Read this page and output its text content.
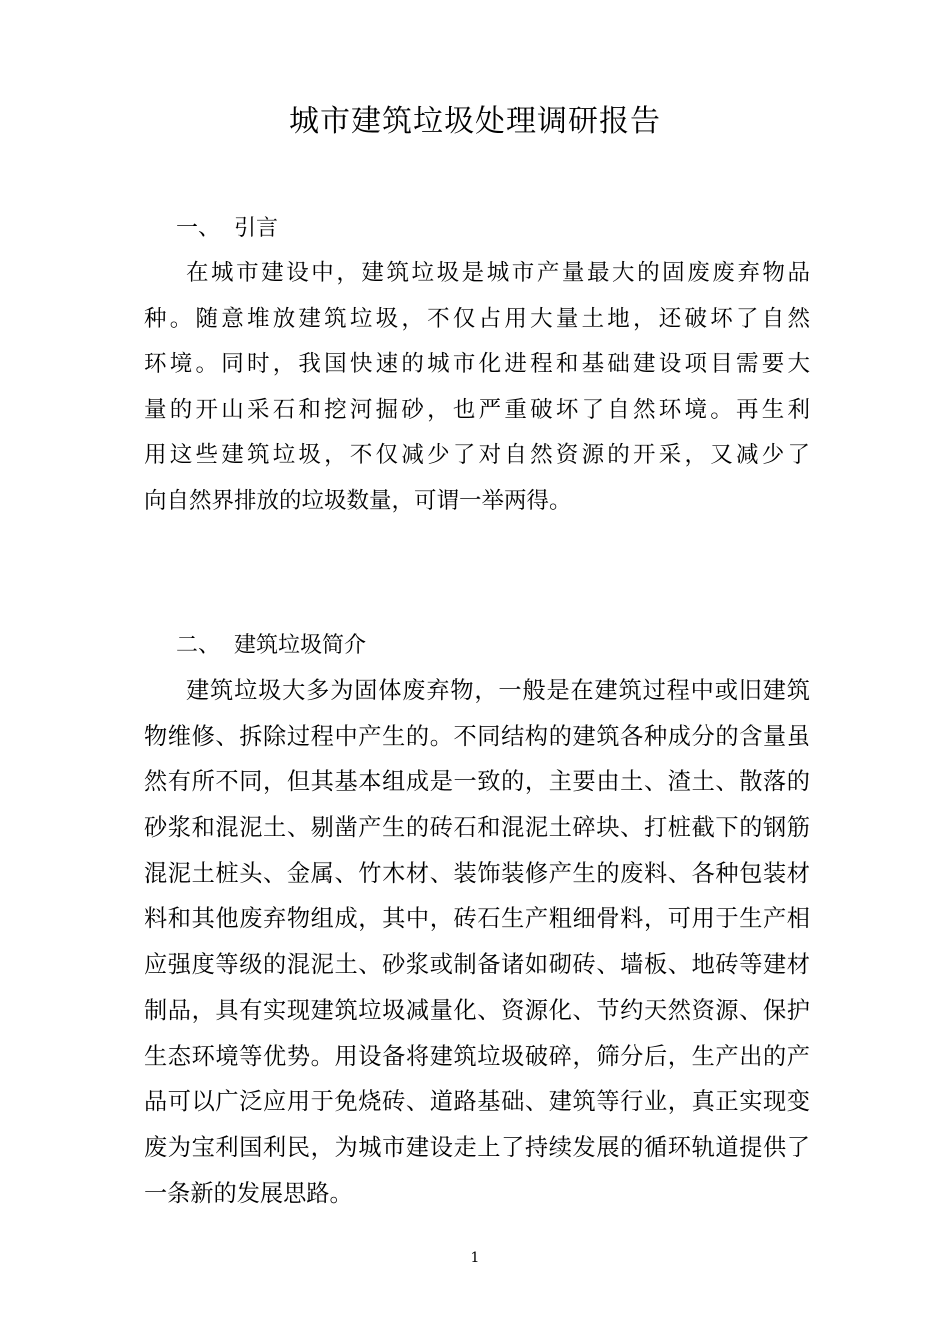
城市建筑垃圾处理调研报告
一、 引言
在城市建设中，建筑垃圾是城市产量最大的固废废弃物品
种。随意堆放建筑垃圾，不仅占用大量土地，还破坏了自然
环境。同时，我国快速的城市化进程和基础建设项目需要大
量的开山采石和挖河掘砂，也严重破坏了自然环境。再生利
用这些建筑垃圾，不仅减少了对自然资源的开采，又减少了
向自然界排放的垃圾数量，可谓一举两得。
二、 建筑垃圾简介
建筑垃圾大多为固体废弃物，一般是在建筑过程中或旧建筑
物维修、拆除过程中产生的。不同结构的建筑各种成分的含量虽
然有所不同，但其基本组成是一致的，主要由土、渣土、散落的
砂浆和混泥土、剔凿产生的砖石和混泥土碎块、打桩截下的钢筋
混泥土桩头、金属、竹木材、装饰装修产生的废料、各种包装材
料和其他废弃物组成，其中，砖石生产粗细骨料，可用于生产相
应强度等级的混泥土、砂浆或制备诸如砌砖、墙板、地砖等建材
制品，具有实现建筑垃圾减量化、资源化、节约天然资源、保护
生态环境等优势。用设备将建筑垃圾破碎，筛分后，生产出的产
品可以广泛应用于免烧砖、道路基础、建筑等行业，真正实现变
废为宝利国利民，为城市建设走上了持续发展的循环轨道提供了
一条新的发展思路。
1
